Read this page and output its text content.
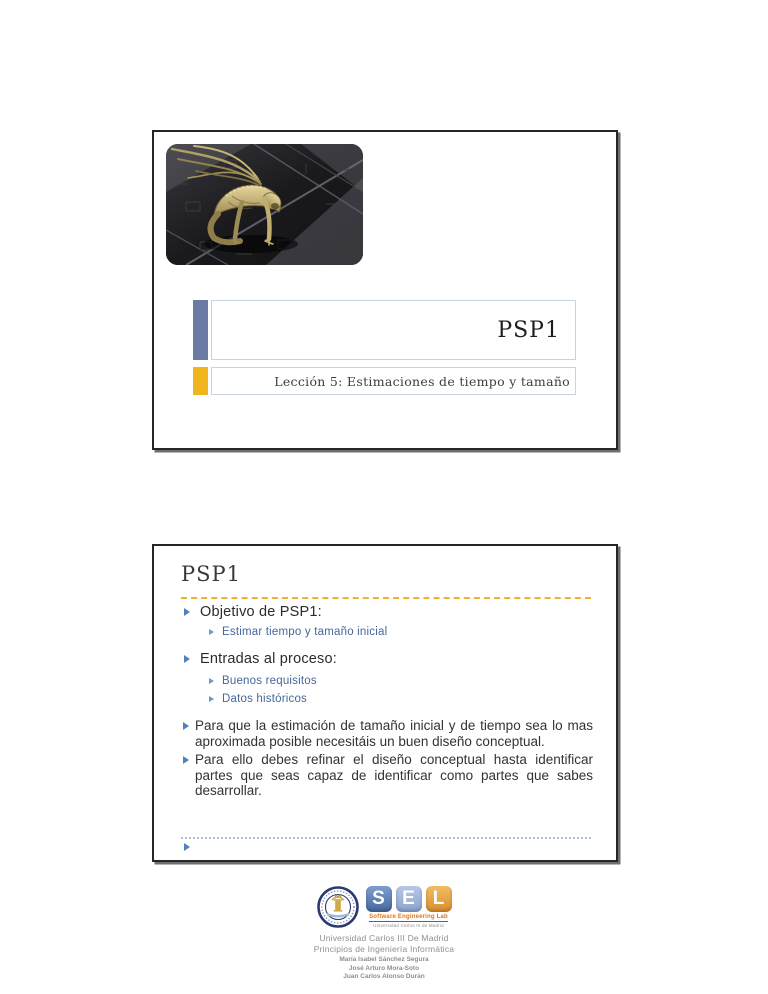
PSP1
Lección 5: Estimaciones de tiempo y tamaño
PSP1
Objetivo de PSP1:
Estimar tiempo y tamaño inicial
Entradas al proceso:
Buenos requisitos
Datos históricos
Para que la estimación de tamaño inicial y de tiempo sea lo mas aproximada posible necesitáis un buen diseño conceptual.
Para ello debes refinar el diseño conceptual hasta identificar partes que seas capaz de identificar como partes que sabes desarrollar.
S E L
Software Engineering Lab
Universidad Carlos III de Madrid
Universidad Carlos III De Madrid
Principios de Ingeniería Informática
María Isabel Sánchez Segura
José Arturo Mora-Soto
Juan Carlos Alonso Durán
